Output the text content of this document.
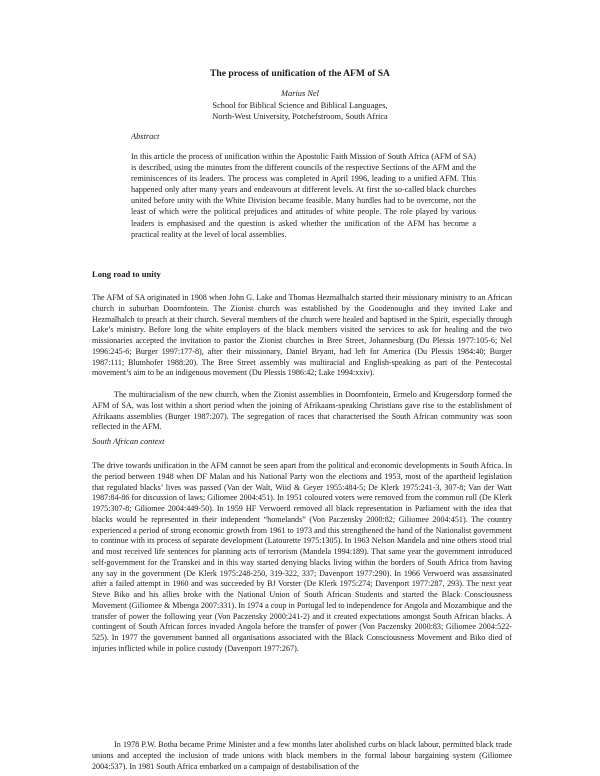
The process of unification of the AFM of SA
Marius Nel
School for Biblical Science and Biblical Languages,
North-West University, Potchefstroom, South Africa
Abstract
In this article the process of unification within the Apostolic Faith Mission of South Africa (AFM of SA) is described, using the minutes from the different councils of the respective Sections of the AFM and the reminiscences of its leaders. The process was completed in April 1996, leading to a unified AFM. This happened only after many years and endeavours at different levels. At first the so-called black churches united before unity with the White Division became feasible. Many hurdles had to be overcome, not the least of which were the political prejudices and attitudes of white people. The role played by various leaders is emphasised and the question is asked whether the unification of the AFM has become a practical reality at the level of local assemblies.
Long road to unity
The AFM of SA originated in 1908 when John G. Lake and Thomas Hezmalhalch started their missionary ministry to an African church in suburban Doornfontein. The Zionist church was established by the Goodenoughs and they invited Lake and Hezmalhalch to preach at their church. Several members of the church were healed and baptised in the Spirit, especially through Lake’s ministry. Before long the white employers of the black members visited the services to ask for healing and the two missionaries accepted the invitation to pastor the Zionist churches in Bree Street, Johannesburg (Du Plessis 1977:105-6; Nel 1996:245-6; Burger 1997:177-8), after their missionary, Daniel Bryant, had left for America (Du Plessis 1984:40; Burger 1987:111; Blumhofer 1988:20). The Bree Street assembly was multiracial and English-speaking as part of the Pentecostal movement’s aim to be an indigenous movement (Du Plessis 1986:42; Lake 1994:xxiv).
The multiracialism of the new church, when the Zionist assemblies in Doornfontein, Ermelo and Krugersdorp formed the AFM of SA, was lost within a short period when the joining of Afrikaans-speaking Christians gave rise to the establishment of Afrikaans assemblies (Burger 1987:207). The segregation of races that characterised the South African community was soon reflected in the AFM.
South African context
The drive towards unification in the AFM cannot be seen apart from the political and economic developments in South Africa. In the period between 1948 when DF Malan and his National Party won the elections and 1953, most of the apartheid legislation that regulated blacks’ lives was passed (Van der Walt, Wiid & Geyer 1955:484-5; De Klerk 1975:241-3, 307-8; Van der Watt 1987:84-86 for discussion of laws; Giliomee 2004:451). In 1951 coloured voters were removed from the common roll (De Klerk 1975:307-8; Giliomee 2004:449-50). In 1959 HF Verwoerd removed all black representation in Parliament with the idea that blacks would be represented in their independent “homelands” (Von Paczensky 2000:82; Giliomee 2004:451). The country experienced a period of strong economic growth from 1961 to 1973 and this strengthened the hand of the Nationalist government to continue with its process of separate development (Latourette 1975:1305). In 1963 Nelson Mandela and nine others stood trial and most received life sentences for planning acts of terrorism (Mandela 1994:189). That same year the government introduced self-government for the Transkei and in this way started denying blacks living within the borders of South Africa from having any say in the government (De Klerk 1975:248-250, 319-322, 337; Davenport 1977:290). In 1966 Verwoerd was assassinated after a failed attempt in 1960 and was succeeded by BJ Vorster (De Klerk 1975:274; Davenport 1977:287, 293). The next year Steve Biko and his allies broke with the National Union of South African Students and started the Black Consciousness Movement (Giliomee & Mbenga 2007:331). In 1974 a coup in Portugal led to independence for Angola and Mozambique and the transfer of power the following year (Von Paczensky 2000:241-2) and it created expectations amongst South African blacks. A contingent of South African forces invaded Angola before the transfer of power (Von Paczensky 2000:83; Giliomee 2004:522-525). In 1977 the government banned all organisations associated with the Black Consciousness Movement and Biko died of injuries inflicted while in police custody (Davenport 1977:267).
In 1978 P.W. Botha became Prime Minister and a few months later abolished curbs on black labour, permitted black trade unions and accepted the inclusion of trade unions with black members in the formal labour bargaining system (Giliomee 2004:537). In 1981 South Africa embarked on a campaign of destabilisation of the
